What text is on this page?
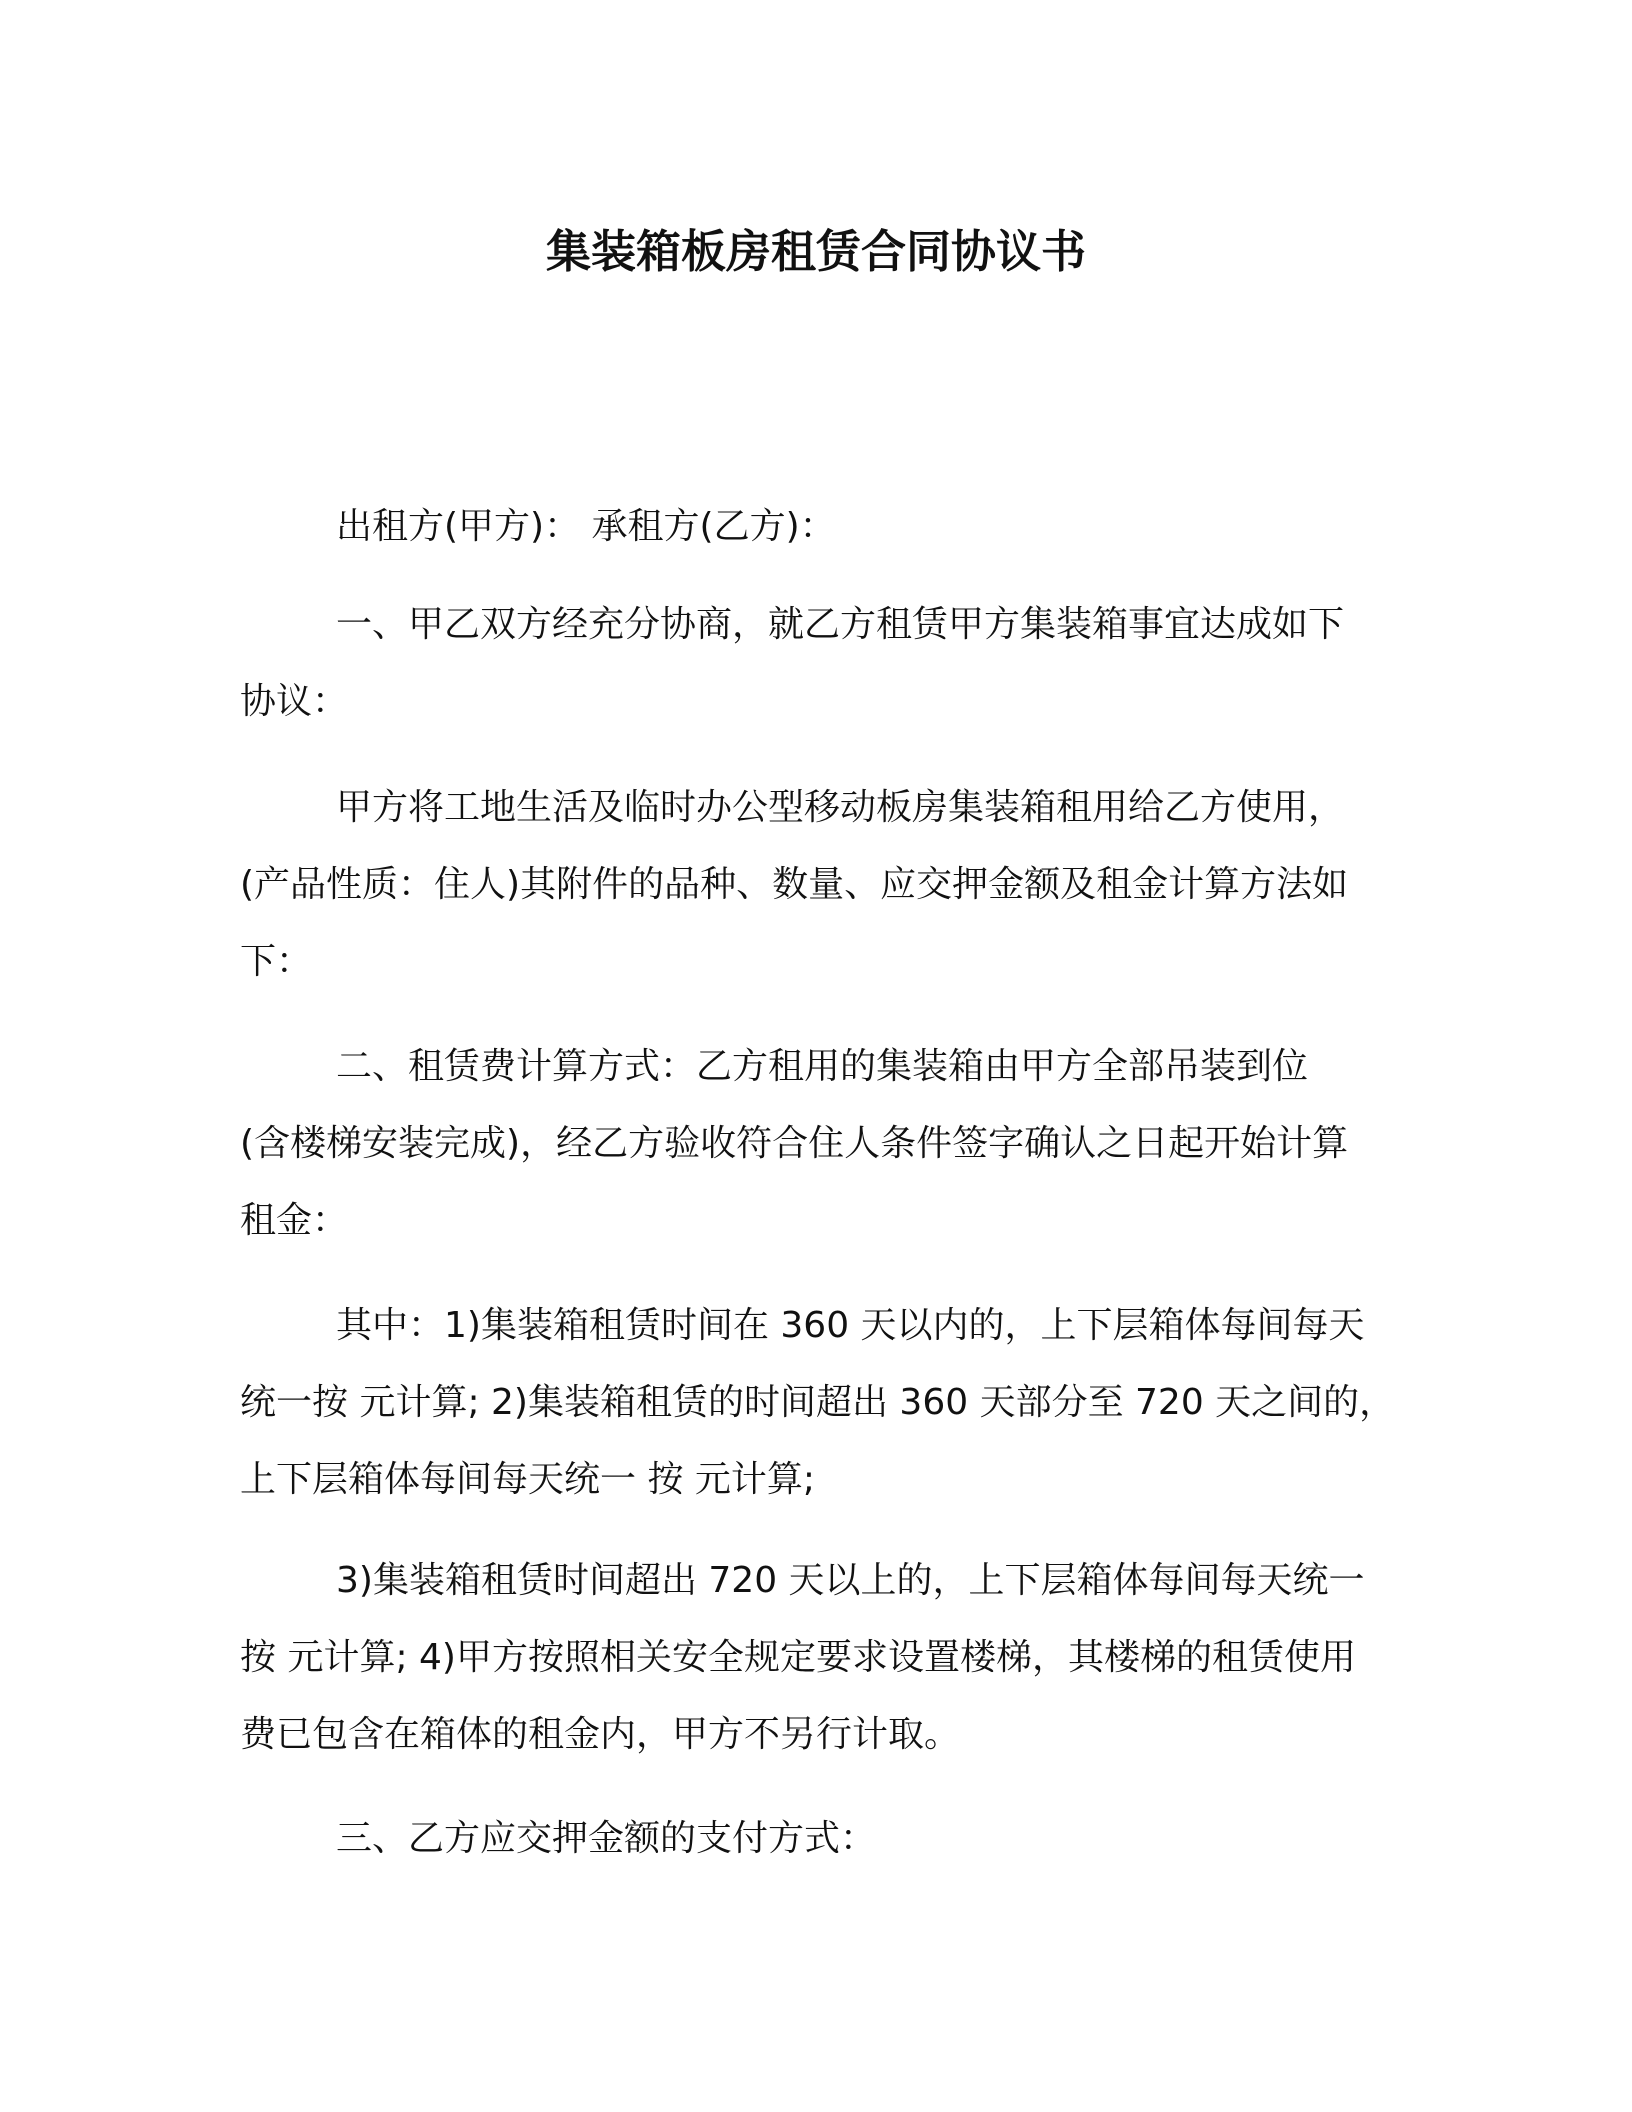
集装箱板房租赁合同协议书
出租方(甲方)： 承租方(乙方)：
一、甲乙双方经充分协商，就乙方租赁甲方集装箱事宜达成如下
协议：
甲方将工地生活及临时办公型移动板房集装箱租用给乙方使用，
(产品性质：住人)其附件的品种、数量、应交押金额及租金计算方法如
下：
二、租赁费计算方式：乙方租用的集装箱由甲方全部吊装到位
(含楼梯安装完成)，经乙方验收符合住人条件签字确认之日起开始计算
租金：
其中：1)集装箱租赁时间在 360 天以内的，上下层箱体每间每天
统一按 元计算; 2)集装箱租赁的时间超出 360 天部分至 720 天之间的，
上下层箱体每间每天统一 按 元计算;
3)集装箱租赁时间超出 720 天以上的，上下层箱体每间每天统一
按 元计算; 4)甲方按照相关安全规定要求设置楼梯，其楼梯的租赁使用
费已包含在箱体的租金内，甲方不另行计取。
三、乙方应交押金额的支付方式：
